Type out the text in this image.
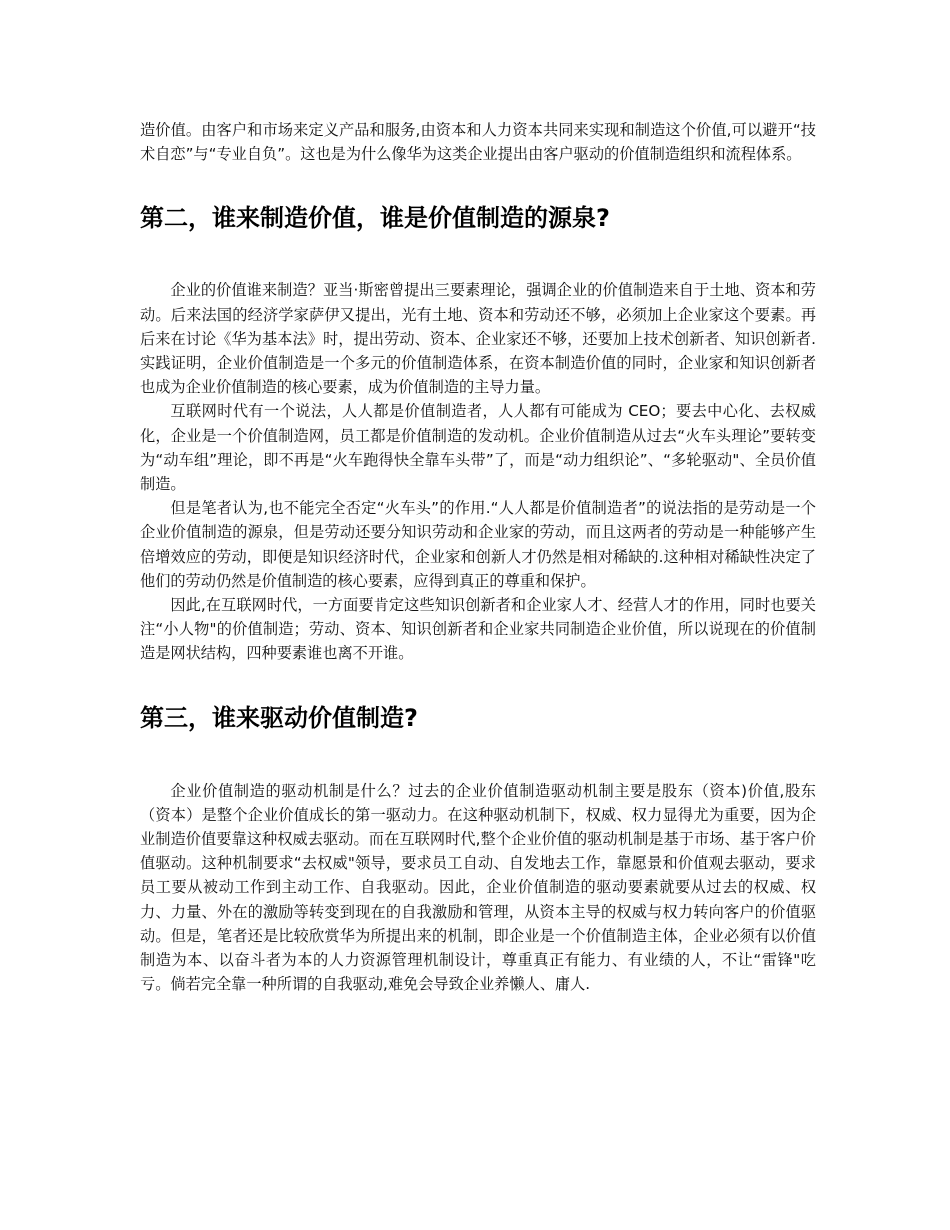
造价值。由客户和市场来定义产品和服务,由资本和人力资本共同来实现和制造这个价值,可以避开“技术自恋”与“专业自负”。这也是为什么像华为这类企业提出由客户驱动的价值制造组织和流程体系。

第二，谁来制造价值，谁是价值制造的源泉?

企业的价值谁来制造？亚当·斯密曾提出三要素理论，强调企业的价值制造来自于土地、资本和劳动。后来法国的经济学家萨伊又提出，光有土地、资本和劳动还不够，必须加上企业家这个要素。再后来在讨论《华为基本法》时，提出劳动、资本、企业家还不够，还要加上技术创新者、知识创新者.实践证明，企业价值制造是一个多元的价值制造体系，在资本制造价值的同时，企业家和知识创新者也成为企业价值制造的核心要素，成为价值制造的主导力量。

互联网时代有一个说法，人人都是价值制造者，人人都有可能成为 CEO；要去中心化、去权威化，企业是一个价值制造网，员工都是价值制造的发动机。企业价值制造从过去“火车头理论”要转变为“动车组”理论，即不再是“火车跑得快全靠车头带”了，而是“动力组织论”、“多轮驱动"、全员价值制造。

但是笔者认为,也不能完全否定“火车头”的作用.“人人都是价值制造者”的说法指的是劳动是一个企业价值制造的源泉，但是劳动还要分知识劳动和企业家的劳动，而且这两者的劳动是一种能够产生倍增效应的劳动，即便是知识经济时代，企业家和创新人才仍然是相对稀缺的.这种相对稀缺性决定了他们的劳动仍然是价值制造的核心要素，应得到真正的尊重和保护。

因此,在互联网时代，一方面要肯定这些知识创新者和企业家人才、经营人才的作用，同时也要关注“小人物"的价值制造；劳动、资本、知识创新者和企业家共同制造企业价值，所以说现在的价值制造是网状结构，四种要素谁也离不开谁。

第三，谁来驱动价值制造?

企业价值制造的驱动机制是什么？过去的企业价值制造驱动机制主要是股东（资本)价值,股东（资本）是整个企业价值成长的第一驱动力。在这种驱动机制下，权威、权力显得尤为重要，因为企业制造价值要靠这种权威去驱动。而在互联网时代,整个企业价值的驱动机制是基于市场、基于客户价值驱动。这种机制要求“去权威"领导，要求员工自动、自发地去工作，靠愿景和价值观去驱动，要求员工要从被动工作到主动工作、自我驱动。因此，企业价值制造的驱动要素就要从过去的权威、权力、力量、外在的激励等转变到现在的自我激励和管理，从资本主导的权威与权力转向客户的价值驱动。但是，笔者还是比较欣赏华为所提出来的机制，即企业是一个价值制造主体，企业必须有以价值制造为本、以奋斗者为本的人力资源管理机制设计，尊重真正有能力、有业绩的人，不让“雷锋"吃亏。倘若完全靠一种所谓的自我驱动,难免会导致企业养懒人、庸人.
